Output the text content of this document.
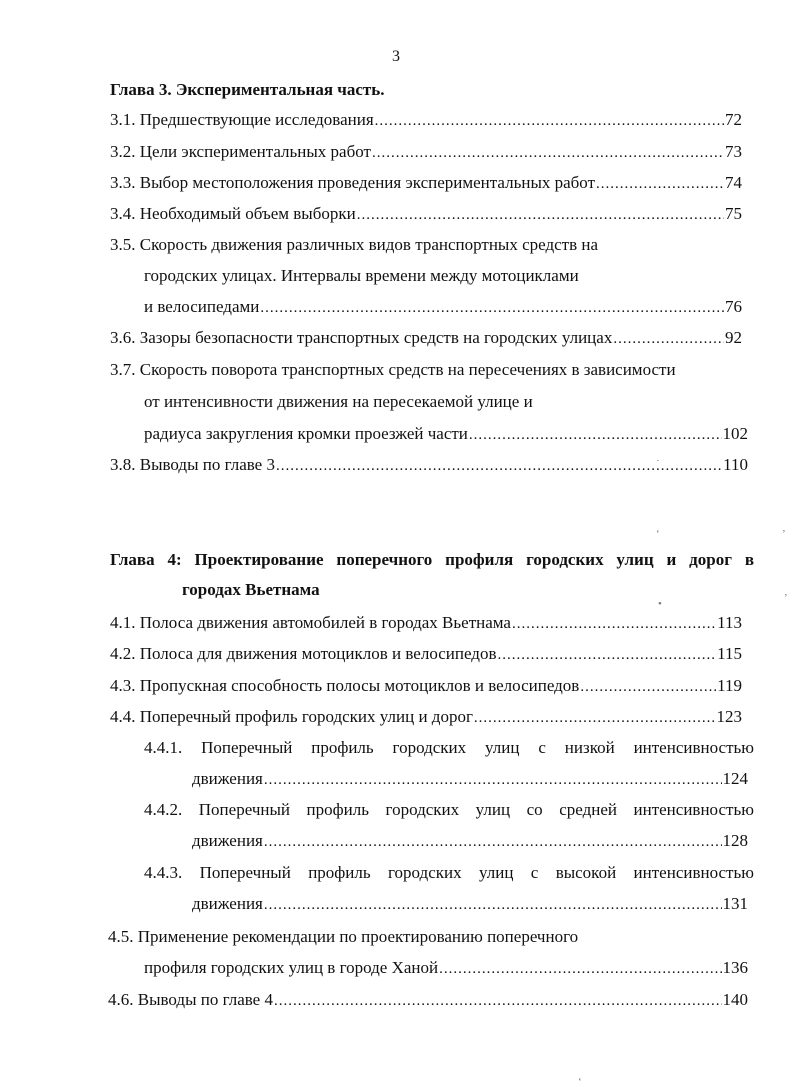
3
Глава 3. Экспериментальная часть.
3.1. Предшествующие исследования .....	72
3.2. Цели экспериментальных работ .....	73
3.3. Выбор местоположения проведения экспериментальных работ .....	74
3.4. Необходимый объем выборки .....	75
3.5. Скорость движения различных видов транспортных средств на
городских улицах. Интервалы времени между мотоциклами
и велосипедами .....	76
3.6. Зазоры безопасности транспортных средств на городских улицах .....	92
3.7. Скорость поворота транспортных средств на пересечениях в зависимости
от интенсивности движения на пересекаемой улице и
радиуса закругления кромки проезжей части .....	102
3.8. Выводы по главе 3 .....	110
Глава 4: Проектирование поперечного профиля городских улиц и дорог в
городах Вьетнама
4.1. Полоса движения автомобилей в городах Вьетнама .....	113
4.2. Полоса для движения мотоциклов и велосипедов .....	115
4.3. Пропускная способность полосы мотоциклов и велосипедов .....	119
4.4. Поперечный профиль городских улиц и дорог .....	123
4.4.1. Поперечный профиль городских улиц с низкой интенсивностью
движения .....	124
4.4.2. Поперечный профиль городских улиц со средней интенсивностью
движения .....	128
4.4.3. Поперечный профиль городских улиц с высокой интенсивностью
движения .....	131
4.5. Применение рекомендации по проектированию поперечного
профиля городских улиц в городе Ханой .....	136
4.6. Выводы по главе 4 .....	140
˙
‘	’
•	’
‘
